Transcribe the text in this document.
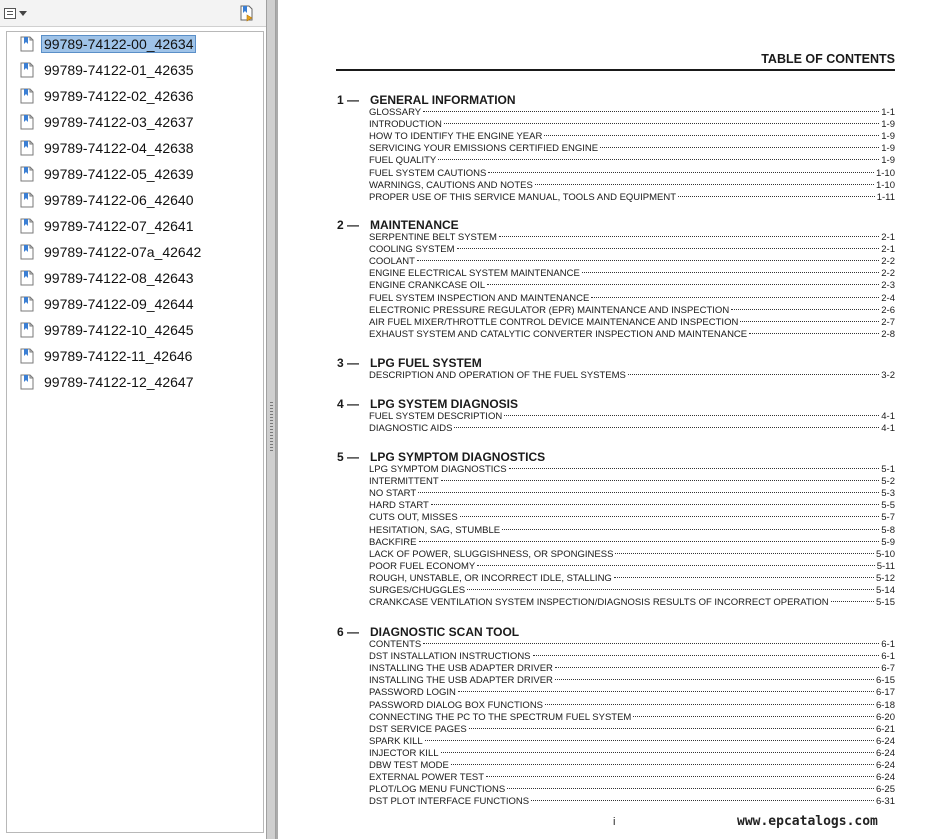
99789-74122-00_42634
99789-74122-01_42635
99789-74122-02_42636
99789-74122-03_42637
99789-74122-04_42638
99789-74122-05_42639
99789-74122-06_42640
99789-74122-07_42641
99789-74122-07a_42642
99789-74122-08_42643
99789-74122-09_42644
99789-74122-10_42645
99789-74122-11_42646
99789-74122-12_42647
TABLE OF CONTENTS
1 — GENERAL INFORMATION
GLOSSARY	1-1
INTRODUCTION	1-9
HOW TO IDENTIFY THE ENGINE YEAR	1-9
SERVICING YOUR EMISSIONS CERTIFIED ENGINE	1-9
FUEL QUALITY	1-9
FUEL SYSTEM CAUTIONS	1-10
WARNINGS, CAUTIONS AND NOTES	1-10
PROPER USE OF THIS SERVICE MANUAL, TOOLS AND EQUIPMENT	1-11
2 — MAINTENANCE
SERPENTINE BELT SYSTEM	2-1
COOLING SYSTEM	2-1
COOLANT	2-2
ENGINE ELECTRICAL SYSTEM MAINTENANCE	2-2
ENGINE CRANKCASE OIL	2-3
FUEL SYSTEM INSPECTION AND MAINTENANCE	2-4
ELECTRONIC PRESSURE REGULATOR (EPR) MAINTENANCE AND INSPECTION	2-6
AIR FUEL MIXER/THROTTLE CONTROL DEVICE MAINTENANCE AND INSPECTION	2-7
EXHAUST SYSTEM AND CATALYTIC CONVERTER INSPECTION AND MAINTENANCE	2-8
3 — LPG FUEL SYSTEM
DESCRIPTION AND OPERATION OF THE FUEL SYSTEMS	3-2
4 — LPG SYSTEM DIAGNOSIS
FUEL SYSTEM DESCRIPTION	4-1
DIAGNOSTIC AIDS	4-1
5 — LPG SYMPTOM DIAGNOSTICS
LPG SYMPTOM DIAGNOSTICS	5-1
INTERMITTENT	5-2
NO START	5-3
HARD START	5-5
CUTS OUT, MISSES	5-7
HESITATION, SAG, STUMBLE	5-8
BACKFIRE	5-9
LACK OF POWER, SLUGGISHNESS, OR SPONGINESS	5-10
POOR FUEL ECONOMY	5-11
ROUGH, UNSTABLE, OR INCORRECT IDLE, STALLING	5-12
SURGES/CHUGGLES	5-14
CRANKCASE VENTILATION SYSTEM INSPECTION/DIAGNOSIS RESULTS OF INCORRECT OPERATION	5-15
6 — DIAGNOSTIC SCAN TOOL
CONTENTS	6-1
DST INSTALLATION INSTRUCTIONS	6-1
INSTALLING THE USB ADAPTER DRIVER	6-7
INSTALLING THE USB ADAPTER DRIVER	6-15
PASSWORD LOGIN	6-17
PASSWORD DIALOG BOX FUNCTIONS	6-18
CONNECTING THE PC TO THE SPECTRUM FUEL SYSTEM	6-20
DST SERVICE PAGES	6-21
SPARK KILL	6-24
INJECTOR KILL	6-24
DBW TEST MODE	6-24
EXTERNAL POWER TEST	6-24
PLOT/LOG MENU FUNCTIONS	6-25
DST PLOT INTERFACE FUNCTIONS	6-31
i	www.epcatalogs.com
